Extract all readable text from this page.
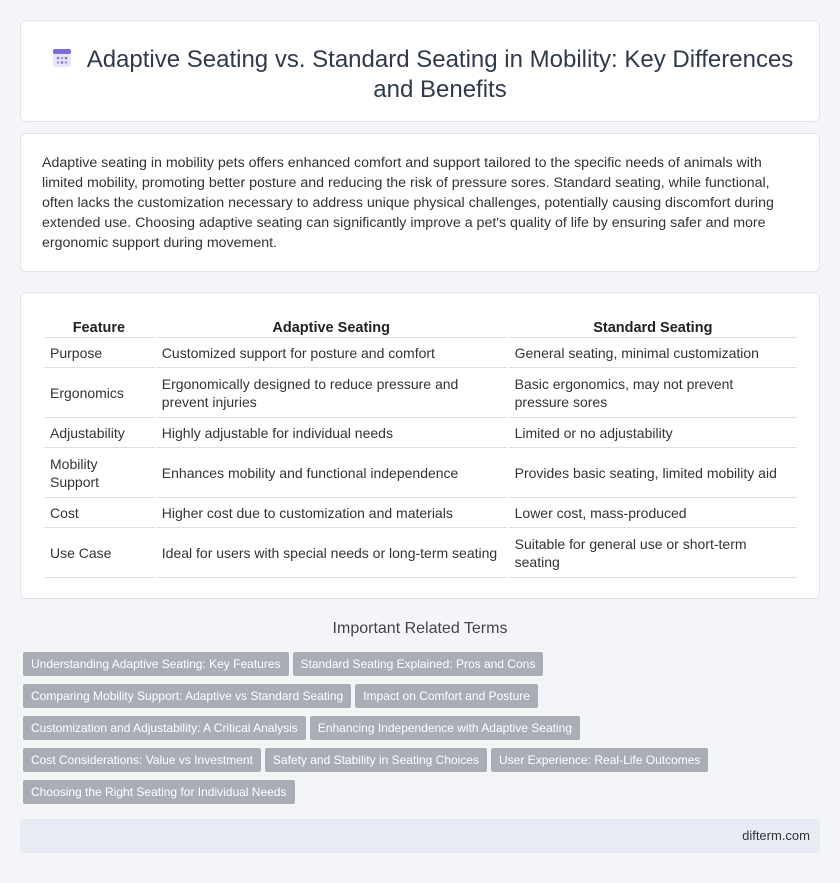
Adaptive Seating vs. Standard Seating in Mobility: Key Differences and Benefits

Adaptive seating in mobility pets offers enhanced comfort and support tailored to the specific needs of animals with limited mobility, promoting better posture and reducing the risk of pressure sores. Standard seating, while functional, often lacks the customization necessary to address unique physical challenges, potentially causing discomfort during extended use. Choosing adaptive seating can significantly improve a pet's quality of life by ensuring safer and more ergonomic support during movement.

Feature	Adaptive Seating	Standard Seating
Purpose	Customized support for posture and comfort	General seating, minimal customization
Ergonomics	Ergonomically designed to reduce pressure and prevent injuries	Basic ergonomics, may not prevent pressure sores
Adjustability	Highly adjustable for individual needs	Limited or no adjustability
Mobility Support	Enhances mobility and functional independence	Provides basic seating, limited mobility aid
Cost	Higher cost due to customization and materials	Lower cost, mass-produced
Use Case	Ideal for users with special needs or long-term seating	Suitable for general use or short-term seating
Important Related Terms
Understanding Adaptive Seating: Key Features Standard Seating Explained: Pros and Cons
Comparing Mobility Support: Adaptive vs Standard Seating Impact on Comfort and Posture
Customization and Adjustability: A Critical Analysis Enhancing Independence with Adaptive Seating
Cost Considerations: Value vs Investment Safety and Stability in Seating Choices User Experience: Real-Life Outcomes
Choosing the Right Seating for Individual Needs
difterm.com
